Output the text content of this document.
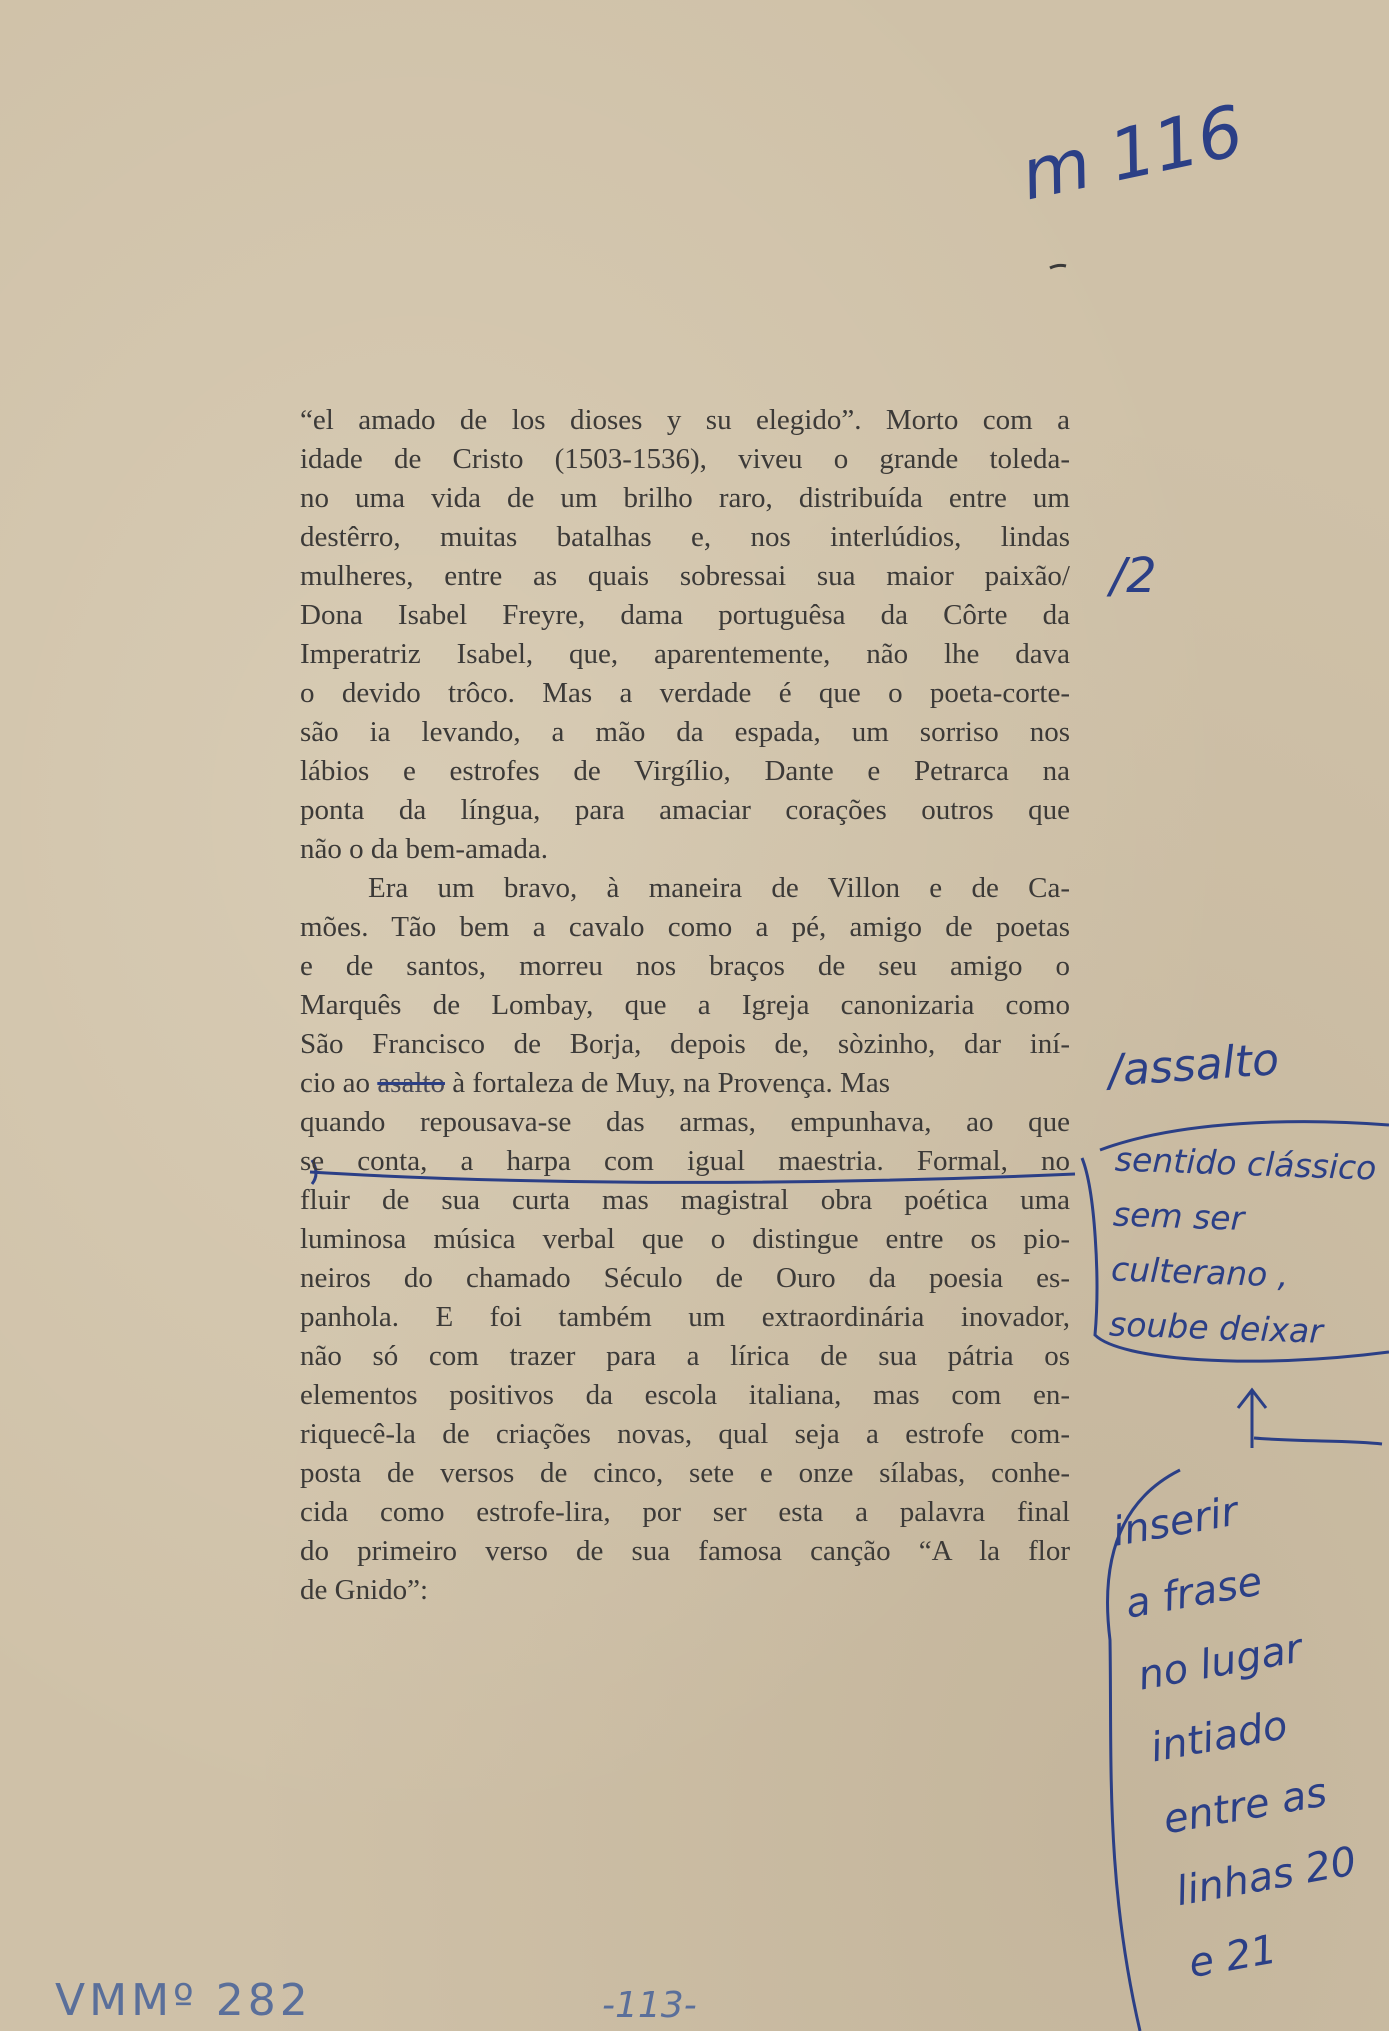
m 116
/2
/assalto
sentido clássico
sem ser
culterano ,
soube deixar
inserir
a frase
no lugar
intiado
entre as
linhas 20
e 21
VMMº 282	-113-
“el amado de los dioses y su elegido”. Morto com a
idade de Cristo (1503-1536), viveu o grande toleda-
no uma vida de um brilho raro, distribuída entre um
destêrro, muitas batalhas e, nos interlúdios, lindas
mulheres, entre as quais sobressai sua maior paixão/
Dona Isabel Freyre, dama portuguêsa da Côrte da
Imperatriz Isabel, que, aparentemente, não lhe dava
o devido trôco. Mas a verdade é que o poeta-corte-
são ia levando, a mão da espada, um sorriso nos
lábios e estrofes de Virgílio, Dante e Petrarca na
ponta da língua, para amaciar corações outros que
não o da bem-amada.
Era um bravo, à maneira de Villon e de Ca-
mões. Tão bem a cavalo como a pé, amigo de poetas
e de santos, morreu nos braços de seu amigo o
Marquês de Lombay, que a Igreja canonizaria como
São Francisco de Borja, depois de, sòzinho, dar iní-
cio ao asalto à fortaleza de Muy, na Provença. Mas
quando repousava-se das armas, empunhava, ao que
se conta, a harpa com igual maestria. Formal, no
fluir de sua curta mas magistral obra poética uma
luminosa música verbal que o distingue entre os pio-
neiros do chamado Século de Ouro da poesia es-
panhola. E foi também um extraordinária inovador,
não só com trazer para a lírica de sua pátria os
elementos positivos da escola italiana, mas com en-
riquecê-la de criações novas, qual seja a estrofe com-
posta de versos de cinco, sete e onze sílabas, conhe-
cida como estrofe-lira, por ser esta a palavra final
do primeiro verso de sua famosa canção “A la flor
de Gnido”:
